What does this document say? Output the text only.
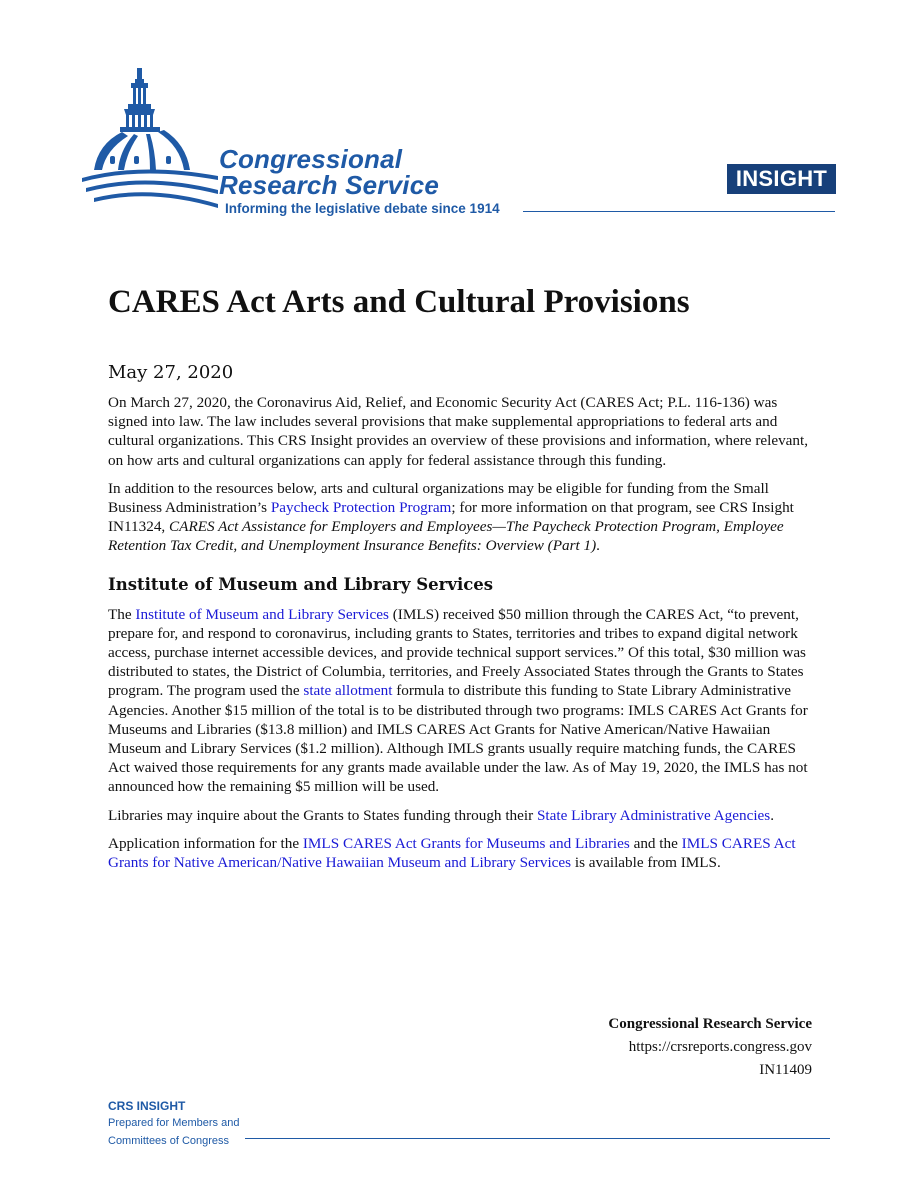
Congressional
Research Service
Informing the legislative debate since 1914
INSIGHT
CARES Act Arts and Cultural Provisions
May 27, 2020

On March 27, 2020, the Coronavirus Aid, Relief, and Economic Security Act (CARES Act; P.L. 116-136) was signed into law. The law includes several provisions that make supplemental appropriations to federal arts and cultural organizations. This CRS Insight provides an overview of these provisions and information, where relevant, on how arts and cultural organizations can apply for federal assistance through this funding.

In addition to the resources below, arts and cultural organizations may be eligible for funding from the Small Business Administration’s Paycheck Protection Program; for more information on that program, see CRS Insight IN11324, CARES Act Assistance for Employers and Employees—The Paycheck Protection Program, Employee Retention Tax Credit, and Unemployment Insurance Benefits: Overview (Part 1).

Institute of Museum and Library Services

The Institute of Museum and Library Services (IMLS) received $50 million through the CARES Act, “to prevent, prepare for, and respond to coronavirus, including grants to States, territories and tribes to expand digital network access, purchase internet accessible devices, and provide technical support services.” Of this total, $30 million was distributed to states, the District of Columbia, territories, and Freely Associated States through the Grants to States program. The program used the state allotment formula to distribute this funding to State Library Administrative Agencies. Another $15 million of the total is to be distributed through two programs: IMLS CARES Act Grants for Museums and Libraries ($13.8 million) and IMLS CARES Act Grants for Native American/Native Hawaiian Museum and Library Services ($1.2 million). Although IMLS grants usually require matching funds, the CARES Act waived those requirements for any grants made available under the law. As of May 19, 2020, the IMLS has not announced how the remaining $5 million will be used.

Libraries may inquire about the Grants to States funding through their State Library Administrative Agencies.

Application information for the IMLS CARES Act Grants for Museums and Libraries and the IMLS CARES Act Grants for Native American/Native Hawaiian Museum and Library Services is available from IMLS.

Congressional Research Service
https://crsreports.congress.gov
IN11409
CRS INSIGHT
Prepared for Members and
Committees of Congress
